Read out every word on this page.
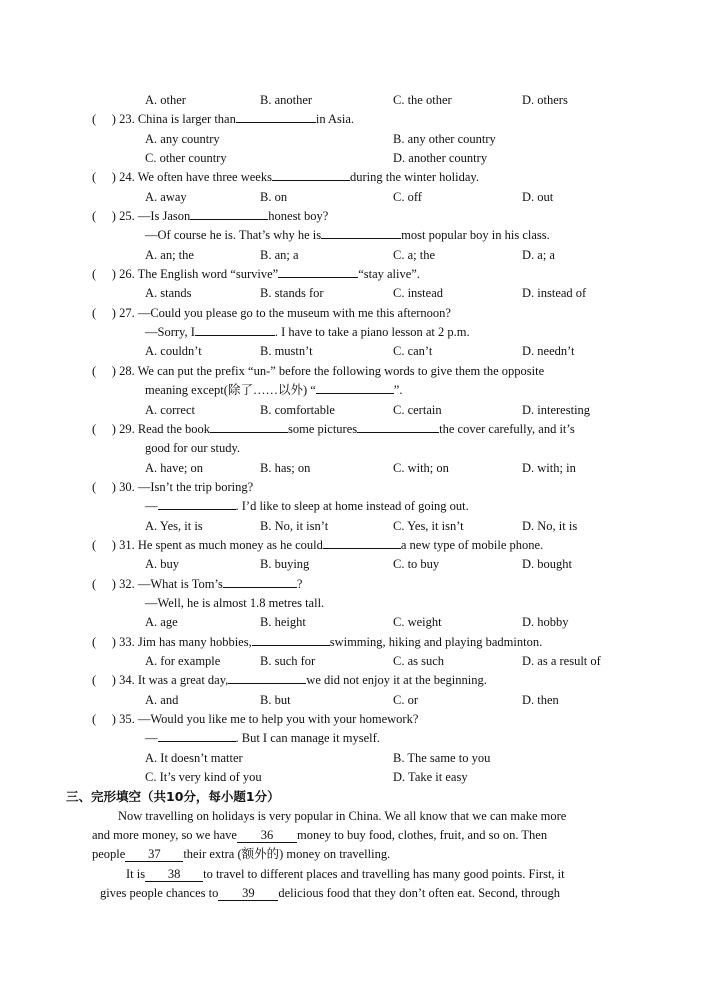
A. other	B. another	C. the other	D. others
(     ) 23. China is larger than	in Asia.
A. any country	B. any other country
C. other country	D. another country
(     ) 24. We often have three weeks	during the winter holiday.
A. away	B. on	C. off	D. out
(     ) 25. —Is Jason	honest boy?
—Of course he is. That’s why he is	most popular boy in his class.
A. an; the	B. an; a	C. a; the	D. a; a
(     ) 26. The English word “survive”	“stay alive”.
A. stands	B. stands for	C. instead	D. instead of
(     ) 27. —Could you please go to the museum with me this afternoon?
—Sorry, I	. I have to take a piano lesson at 2 p.m.
A. couldn’t	B. mustn’t	C. can’t	D. needn’t
(     ) 28. We can put the prefix “un-” before the following words to give them the opposite
meaning except(除了……以外) “	”.
A. correct	B. comfortable	C. certain	D. interesting
(     ) 29. Read the book	some pictures	the cover carefully, and it’s
good for our study.
A. have; on	B. has; on	C. with; on	D. with; in
(     ) 30. —Isn’t the trip boring?
—	. I’d like to sleep at home instead of going out.
A. Yes, it is	B. No, it isn’t	C. Yes, it isn’t	D. No, it is
(     ) 31. He spent as much money as he could	a new type of mobile phone.
A. buy	B. buying	C. to buy	D. bought
(     ) 32. —What is Tom’s	?
—Well, he is almost 1.8 metres tall.
A. age	B. height	C. weight	D. hobby
(     ) 33. Jim has many hobbies,	swimming, hiking and playing badminton.
A. for example	B. such for	C. as such	D. as a result of
(     ) 34. It was a great day,	we did not enjoy it at the beginning.
A. and	B. but	C. or	D. then
(     ) 35. —Would you like me to help you with your homework?
—	. But I can manage it myself.
A. It doesn’t matter	B. The same to you
C. It’s very kind of you	D. Take it easy
三、完形填空（共10分，每小题1分）
Now travelling on holidays is very popular in China. We all know that we can make more
and more money, so we have 36 money to buy food, clothes, fruit, and so on. Then
people 37 their extra (额外的) money on travelling.
It is 38 to travel to different places and travelling has many good points. First, it
gives people chances to 39 delicious food that they don’t often eat. Second, through
